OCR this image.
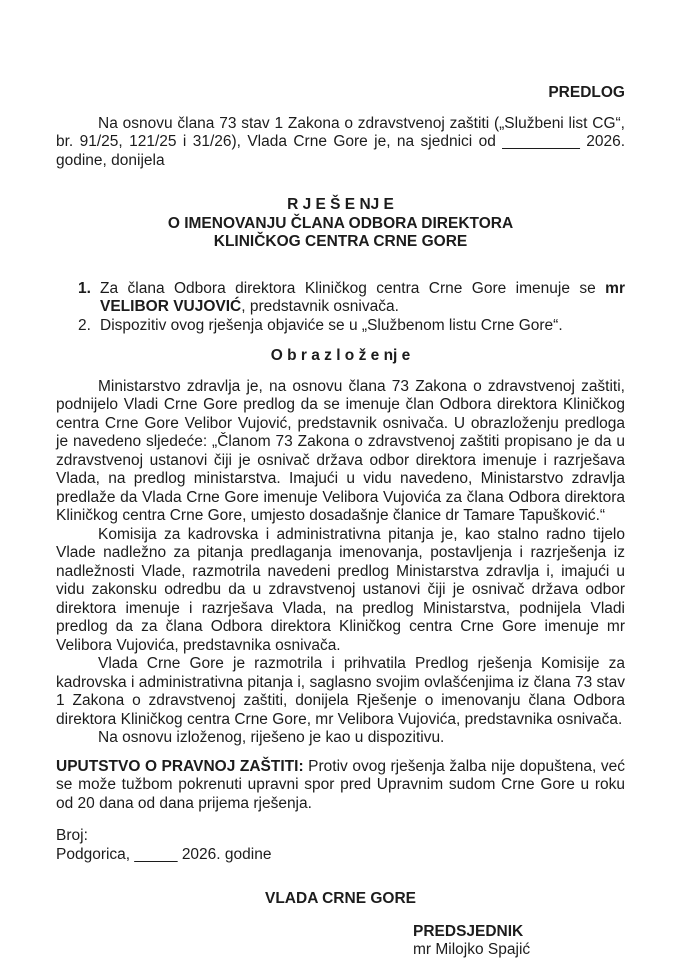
PREDLOG
Na osnovu člana 73 stav 1 Zakona o zdravstvenoj zaštiti („Službeni list CG“, br. 91/25, 121/25 i 31/26), Vlada Crne Gore je, na sjednici od _________ 2026. godine, donijela
R J E Š E NJ E
O IMENOVANJU ČLANA ODBORA DIREKTORA
KLINIČKOG CENTRA CRNE GORE
1. Za člana Odbora direktora Kliničkog centra Crne Gore imenuje se mr VELIBOR VUJOVIĆ, predstavnik osnivača.
2. Dispozitiv ovog rješenja objaviće se u „Službenom listu Crne Gore“.
O b r a z l o ž e nj e
Ministarstvo zdravlja je, na osnovu člana 73 Zakona o zdravstvenoj zaštiti, podnijelo Vladi Crne Gore predlog da se imenuje član Odbora direktora Kliničkog centra Crne Gore Velibor Vujović, predstavnik osnivača. U obrazloženju predloga je navedeno sljedeće: „Članom 73 Zakona o zdravstvenoj zaštiti propisano je da u zdravstvenoj ustanovi čiji je osnivač država odbor direktora imenuje i razrješava Vlada, na predlog ministarstva. Imajući u vidu navedeno, Ministarstvo zdravlja predlaže da Vlada Crne Gore imenuje Velibora Vujovića za člana Odbora direktora Kliničkog centra Crne Gore, umjesto dosadašnje članice dr Tamare Tapušković.“
Komisija za kadrovska i administrativna pitanja je, kao stalno radno tijelo Vlade nadležno za pitanja predlaganja imenovanja, postavljenja i razrješenja iz nadležnosti Vlade, razmotrila navedeni predlog Ministarstva zdravlja i, imajući u vidu zakonsku odredbu da u zdravstvenoj ustanovi čiji je osnivač država odbor direktora imenuje i razrješava Vlada, na predlog Ministarstva, podnijela Vladi predlog da za člana Odbora direktora Kliničkog centra Crne Gore imenuje mr Velibora Vujovića, predstavnika osnivača.
Vlada Crne Gore je razmotrila i prihvatila Predlog rješenja Komisije za kadrovska i administrativna pitanja i, saglasno svojim ovlašćenjima iz člana 73 stav 1 Zakona o zdravstvenoj zaštiti, donijela Rješenje o imenovanju člana Odbora direktora Kliničkog centra Crne Gore, mr Velibora Vujovića, predstavnika osnivača.
Na osnovu izloženog, riješeno je kao u dispozitivu.
UPUTSTVO O PRAVNOJ ZAŠTITI: Protiv ovog rješenja žalba nije dopuštena, već se može tužbom pokrenuti upravni spor pred Upravnim sudom Crne Gore u roku od 20 dana od dana prijema rješenja.
Broj:
Podgorica, _____ 2026. godine
VLADA CRNE GORE
PREDSJEDNIK
mr Milojko Spajić
